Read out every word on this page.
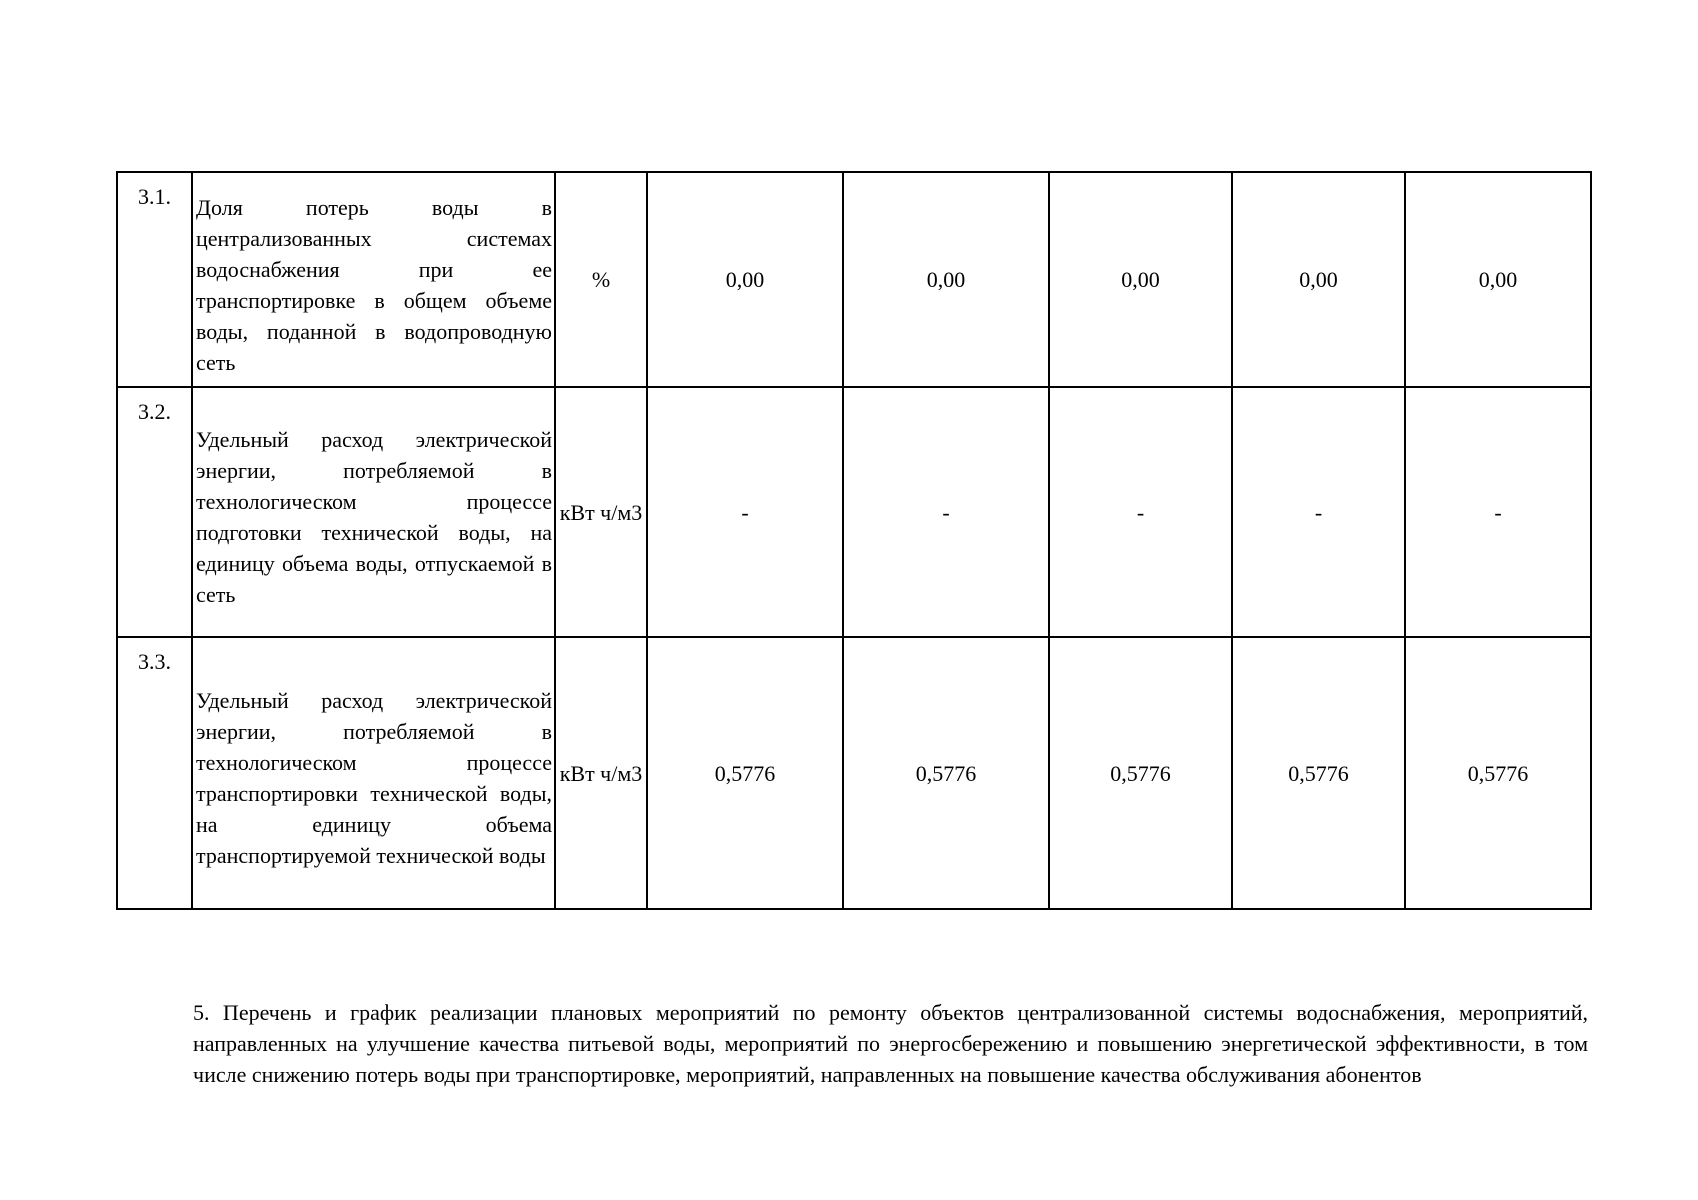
3.1.	Доля потерь воды в централизованных системах водоснабжения при ее транспортировке в общем объеме воды, поданной в водопроводную сеть	%	0,00	0,00	0,00	0,00	0,00
3.2.	Удельный расход электрической энергии, потребляемой в технологическом процессе подготовки технической воды, на единицу объема воды, отпускаемой в сеть	кВт ч/м3	-	-	-	-	-
3.3.	Удельный расход электрической энергии, потребляемой в технологическом процессе транспортировки технической воды, на единицу объема транспортируемой технической воды	кВт ч/м3	0,5776	0,5776	0,5776	0,5776	0,5776

5. Перечень и график реализации плановых мероприятий по ремонту объектов централизованной системы водоснабжения, мероприятий, направленных на улучшение качества питьевой воды, мероприятий по энергосбережению и повышению энергетической эффективности, в том числе снижению потерь воды при транспортировке, мероприятий, направленных на повышение качества обслуживания абонентов
